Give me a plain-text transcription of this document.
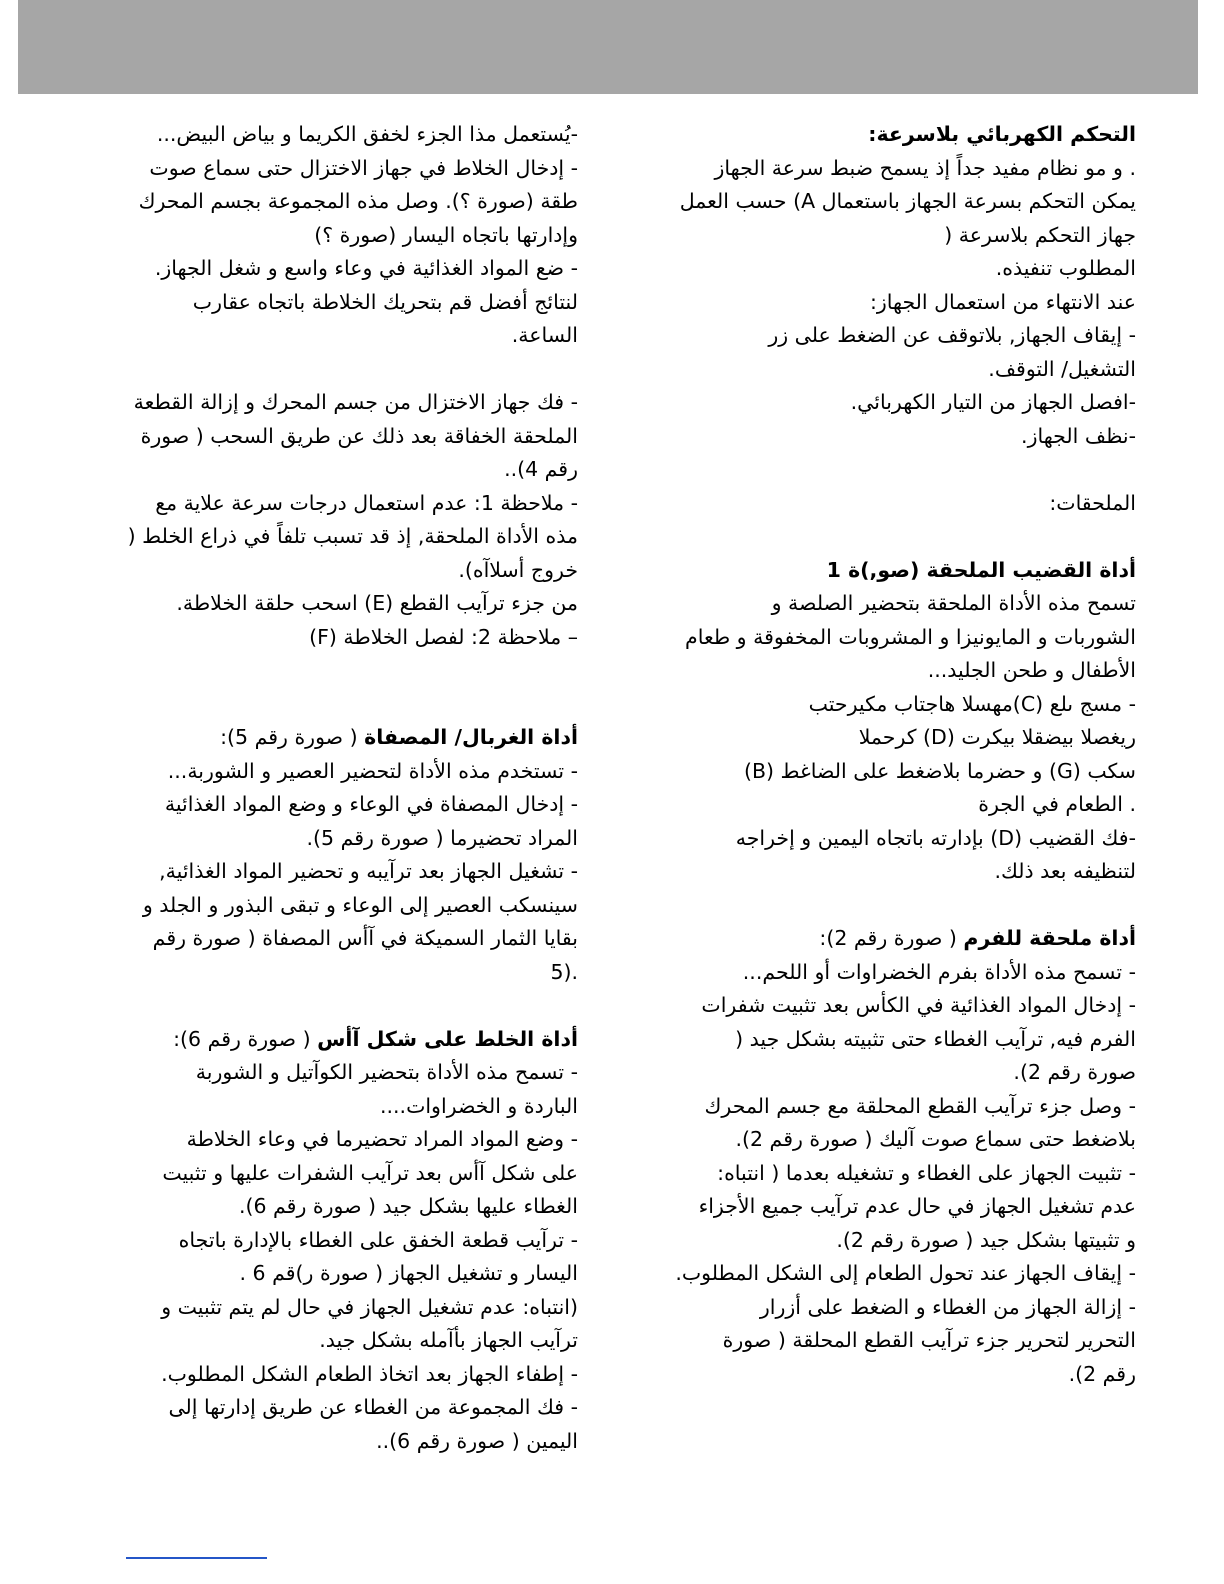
التحكم الكهربائي بلاسرعة:
. و مو نظام مفيد جداً إذ يسمح ضبط سرعة الجهاز
يمكن التحكم بسرعة الجهاز باستعمال A) حسب العمل
جهاز التحكم بلاسرعة (
المطلوب تنفيذه.
عند الانتهاء من استعمال الجهاز:
- إيقاف الجهاز, بلاتوقف عن الضغط على زر
التشغيل/ التوقف.
-افصل الجهاز من التيار الكهربائي.
-نظف الجهاز.
الملحقات:
أداة القضيب الملحقة (صو,)ة 1
تسمح مذه الأداة الملحقة بتحضير الصلصة و
الشوربات و المايونيزا و المشروبات المخفوقة و طعام
الأطفال و طحن الجليد...
- مسج ىلع (C)مهسلا هاجتاب مكيرحتب
ريغصلا بيضقلا بيكرت (D) كرحملا
سكب (G) و حضرما بلاضغط على الضاغط (B)
. الطعام في الجرة
-فك القضيب (D) بإدارته باتجاه اليمين و إخراجه
لتنظيفه بعد ذلك.
أداة ملحقة للفرم ( صورة رقم 2):
- تسمح مذه الأداة بفرم الخضراوات أو اللحم...
- إدخال المواد الغذائية في الكأس بعد تثبيت شفرات
الفرم فيه, ترآيب الغطاء حتى تثبيته بشكل جيد (
صورة رقم 2).
- وصل جزء ترآيب القطع المحلقة مع جسم المحرك
بلاضغط حتى سماع صوت آليك ( صورة رقم 2).
- تثبيت الجهاز على الغطاء و تشغيله بعدما ( انتباه:
عدم تشغيل الجهاز في حال عدم ترآيب جميع الأجزاء
و تثبيتها بشكل جيد ( صورة رقم 2).
- إيقاف الجهاز عند تحول الطعام إلى الشكل المطلوب.
- إزالة الجهاز من الغطاء و الضغط على أزرار
التحرير لتحرير جزء ترآيب القطع المحلقة ( صورة
رقم 2).
-يُستعمل مذا الجزء لخفق الكريما و بياض البيض...
- إدخال الخلاط في جهاز الاختزال حتى سماع صوت
طقة (صورة ؟). وصل مذه المجموعة بجسم المحرك
وإدارتها باتجاه اليسار (صورة ؟)
- ضع المواد الغذائية في وعاء واسع و شغل الجهاز.
لنتائج أفضل قم بتحريك الخلاطة باتجاه عقارب
الساعة.
- فك جهاز الاختزال من جسم المحرك و إزالة القطعة
الملحقة الخفاقة بعد ذلك عن طريق السحب ( صورة
رقم 4)..
- ملاحظة 1: عدم استعمال درجات سرعة علاية مع
مذه الأداة الملحقة, إذ قد تسبب تلفاً في ذراع الخلط (
خروج أسلاآه).
من جزء ترآيب القطع (E) اسحب حلقة الخلاطة.
– ملاحظة 2: لفصل الخلاطة (F)
أداة الغربال/ المصفاة ( صورة رقم 5):
- تستخدم مذه الأداة لتحضير العصير و الشوربة...
- إدخال المصفاة في الوعاء و وضع المواد الغذائية
المراد تحضيرما ( صورة رقم 5).
- تشغيل الجهاز بعد ترآيبه و تحضير المواد الغذائية,
سينسكب العصير إلى الوعاء و تبقى البذور و الجلد و
بقايا الثمار السميكة في آأس المصفاة ( صورة رقم
.(5
أداة الخلط على شكل آأس ( صورة رقم 6):
- تسمح مذه الأداة بتحضير الكوآتيل و الشوربة
الباردة و الخضراوات....
- وضع المواد المراد تحضيرما في وعاء الخلاطة
على شكل آأس بعد ترآيب الشفرات عليها و تثبيت
الغطاء عليها بشكل جيد ( صورة رقم 6).
- ترآيب قطعة الخفق على الغطاء بالإدارة باتجاه
اليسار و تشغيل الجهاز ( صورة ر)قم 6 .
(انتباه: عدم تشغيل الجهاز في حال لم يتم تثبيت و
ترآيب الجهاز بأآمله بشكل جيد.
- إطفاء الجهاز بعد اتخاذ الطعام الشكل المطلوب.
- فك المجموعة من الغطاء عن طريق إدارتها إلى
اليمين ( صورة رقم 6)..
